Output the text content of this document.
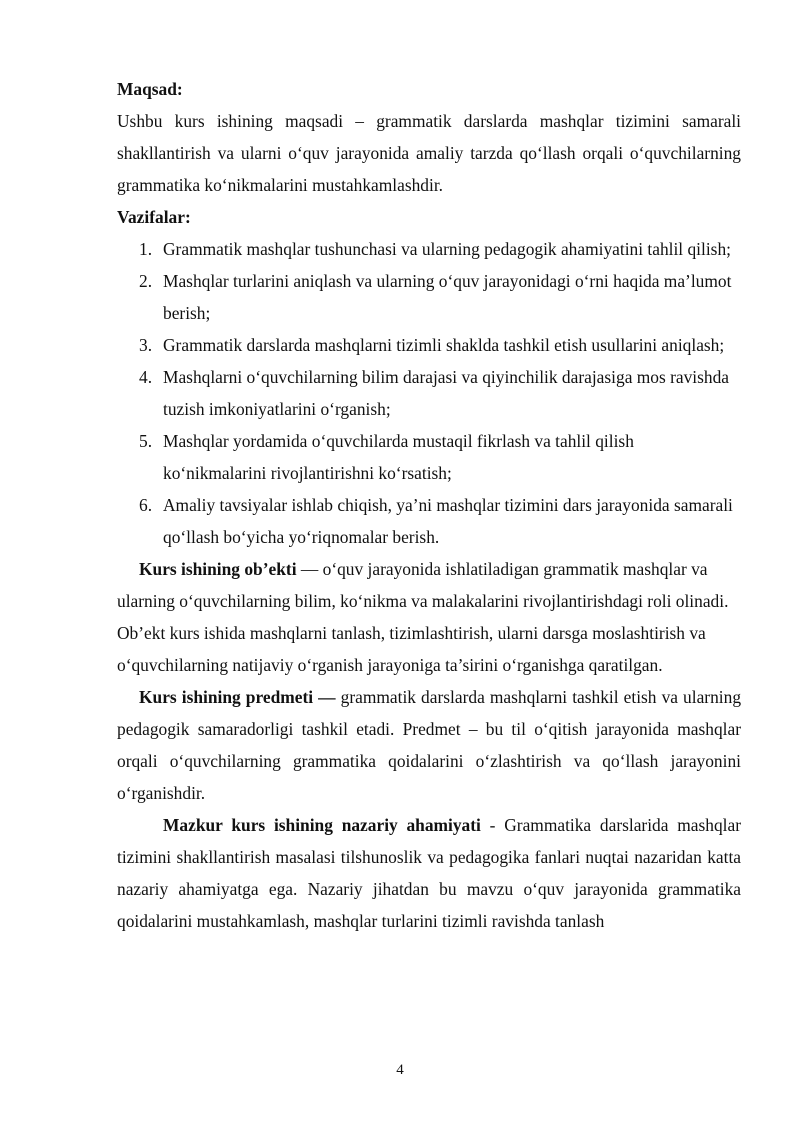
Maqsad:

Ushbu kurs ishining maqsadi – grammatik darslarda mashqlar tizimini samarali shakllantirish va ularni o‘quv jarayonida amaliy tarzda qo‘llash orqali o‘quvchilarning grammatika ko‘nikmalarini mustahkamlashdir.

Vazifalar:

1. Grammatik mashqlar tushunchasi va ularning pedagogik ahamiyatini tahlil qilish;
2. Mashqlar turlarini aniqlash va ularning o‘quv jarayonidagi o‘rni haqida ma’lumot berish;
3. Grammatik darslarda mashqlarni tizimli shaklda tashkil etish usullarini aniqlash;
4. Mashqlarni o‘quvchilarning bilim darajasi va qiyinchilik darajasiga mos ravishda tuzish imkoniyatlarini o‘rganish;
5. Mashqlar yordamida o‘quvchilarda mustaqil fikrlash va tahlil qilish ko‘nikmalarini rivojlantirishni ko‘rsatish;
6. Amaliy tavsiyalar ishlab chiqish, ya’ni mashqlar tizimini dars jarayonida samarali qo‘llash bo‘yicha yo‘riqnomalar berish.

Kurs ishining ob’ekti — o‘quv jarayonida ishlatiladigan grammatik mashqlar va ularning o‘quvchilarning bilim, ko‘nikma va malakalarini rivojlantirishdagi roli olinadi. Ob’ekt kurs ishida mashqlarni tanlash, tizimlashtirish, ularni darsga moslashtirish va o‘quvchilarning natijaviy o‘rganish jarayoniga ta’sirini o‘rganishga qaratilgan.

Kurs ishining predmeti — grammatik darslarda mashqlarni tashkil etish va ularning pedagogik samaradorligi tashkil etadi. Predmet – bu til o‘qitish jarayonida mashqlar orqali o‘quvchilarning grammatika qoidalarini o‘zlashtirish va qo‘llash jarayonini o‘rganishdir.

Mazkur kurs ishining nazariy ahamiyati - Grammatika darslarida mashqlar tizimini shakllantirish masalasi tilshunoslik va pedagogika fanlari nuqtai nazaridan katta nazariy ahamiyatga ega. Nazariy jihatdan bu mavzu o‘quv jarayonida grammatika qoidalarini mustahkamlash, mashqlar turlarini tizimli ravishda tanlash

4
